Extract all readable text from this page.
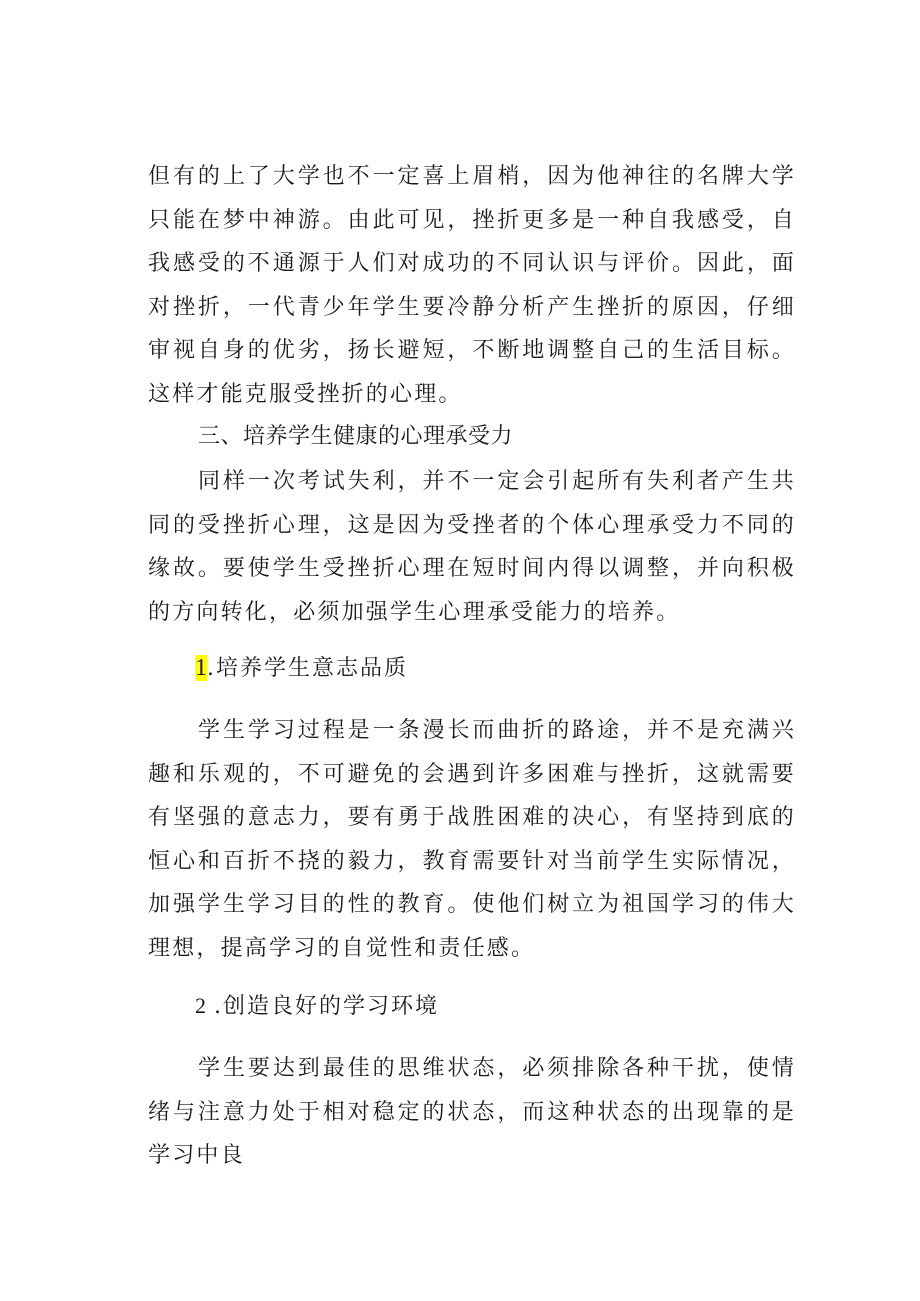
但有的上了大学也不一定喜上眉梢，因为他神往的名牌大学只能在梦中神游。由此可见，挫折更多是一种自我感受，自我感受的不通源于人们对成功的不同认识与评价。因此，面对挫折，一代青少年学生要冷静分析产生挫折的原因，仔细审视自身的优劣，扬长避短，不断地调整自己的生活目标。这样才能克服受挫折的心理。

三、培养学生健康的心理承受力

同样一次考试失利，并不一定会引起所有失利者产生共同的受挫折心理，这是因为受挫者的个体心理承受力不同的缘故。要使学生受挫折心理在短时间内得以调整，并向积极的方向转化，必须加强学生心理承受能力的培养。

1.培养学生意志品质

学生学习过程是一条漫长而曲折的路途，并不是充满兴趣和乐观的，不可避免的会遇到许多困难与挫折，这就需要有坚强的意志力，要有勇于战胜困难的决心，有坚持到底的恒心和百折不挠的毅力，教育需要针对当前学生实际情况，加强学生学习目的性的教育。使他们树立为祖国学习的伟大理想，提高学习的自觉性和责任感。

2 .创造良好的学习环境

学生要达到最佳的思维状态，必须排除各种干扰，使情绪与注意力处于相对稳定的状态，而这种状态的出现靠的是学习中良
